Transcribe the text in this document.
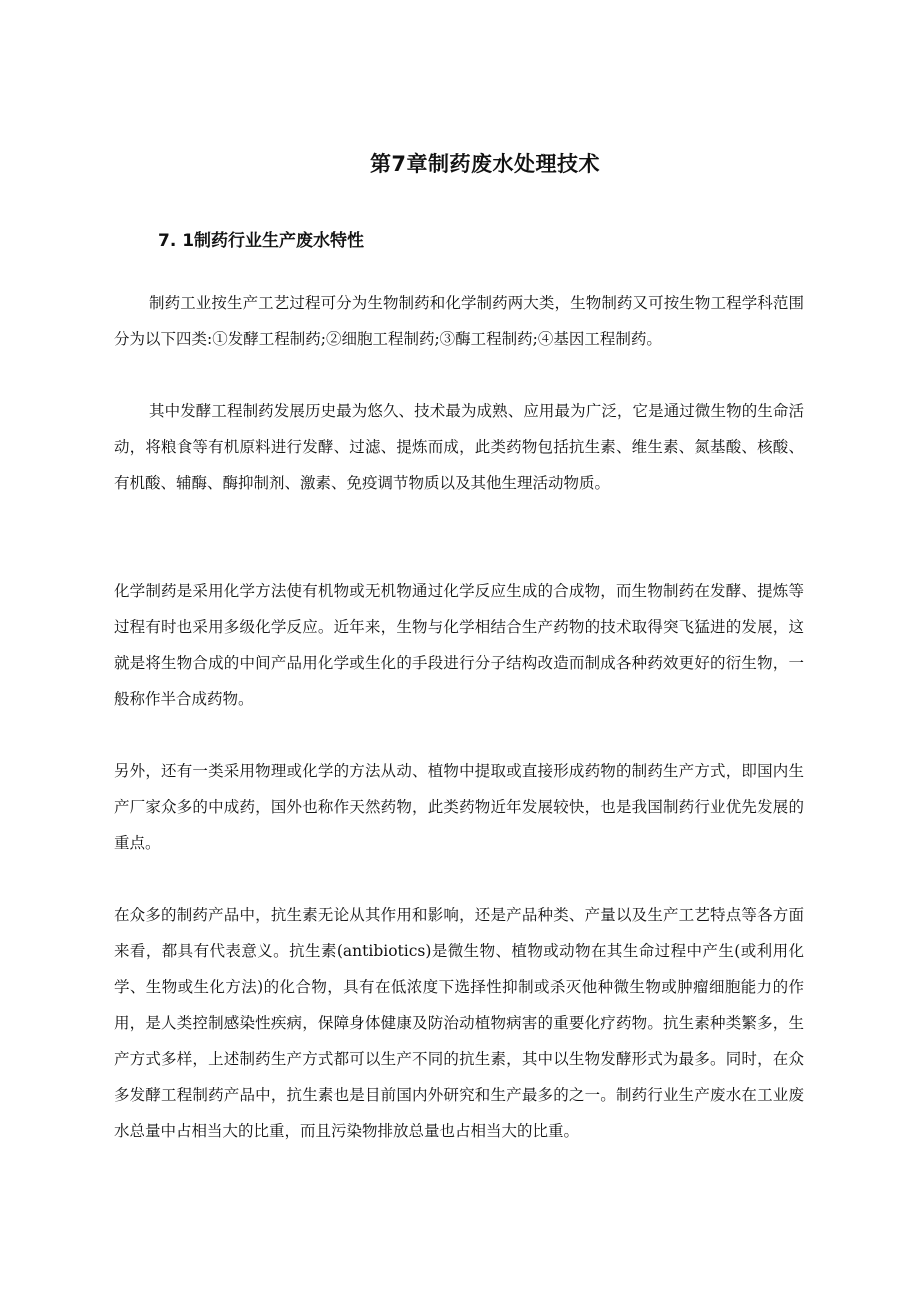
第7章制药废水处理技术
7. 1制药行业生产废水特性

制药工业按生产工艺过程可分为生物制药和化学制药两大类，生物制药又可按生物工程学科范围分为以下四类:①发酵工程制药;②细胞工程制药;③酶工程制药;④基因工程制药。

其中发酵工程制药发展历史最为悠久、技术最为成熟、应用最为广泛，它是通过微生物的生命活动，将粮食等有机原料进行发酵、过滤、提炼而成，此类药物包括抗生素、维生素、氮基酸、核酸、有机酸、辅酶、酶抑制剂、激素、免疫调节物质以及其他生理活动物质。

化学制药是采用化学方法使有机物或无机物通过化学反应生成的合成物，而生物制药在发酵、提炼等过程有时也采用多级化学反应。近年来，生物与化学相结合生产药物的技术取得突飞猛进的发展，这就是将生物合成的中间产品用化学或生化的手段进行分子结构改造而制成各种药效更好的衍生物，一般称作半合成药物。

另外，还有一类采用物理或化学的方法从动、植物中提取或直接形成药物的制药生产方式，即国内生产厂家众多的中成药，国外也称作天然药物，此类药物近年发展较快，也是我国制药行业优先发展的重点。

在众多的制药产品中，抗生素无论从其作用和影响，还是产品种类、产量以及生产工艺特点等各方面来看，都具有代表意义。抗生素(antibiotics)是微生物、植物或动物在其生命过程中产生(或利用化学、生物或生化方法)的化合物，具有在低浓度下选择性抑制或杀灭他种微生物或肿瘤细胞能力的作用，是人类控制感染性疾病，保障身体健康及防治动植物病害的重要化疗药物。抗生素种类繁多，生产方式多样，上述制药生产方式都可以生产不同的抗生素，其中以生物发酵形式为最多。同时，在众多发酵工程制药产品中，抗生素也是目前国内外研究和生产最多的之一。制药行业生产废水在工业废水总量中占相当大的比重，而且污染物排放总量也占相当大的比重。
